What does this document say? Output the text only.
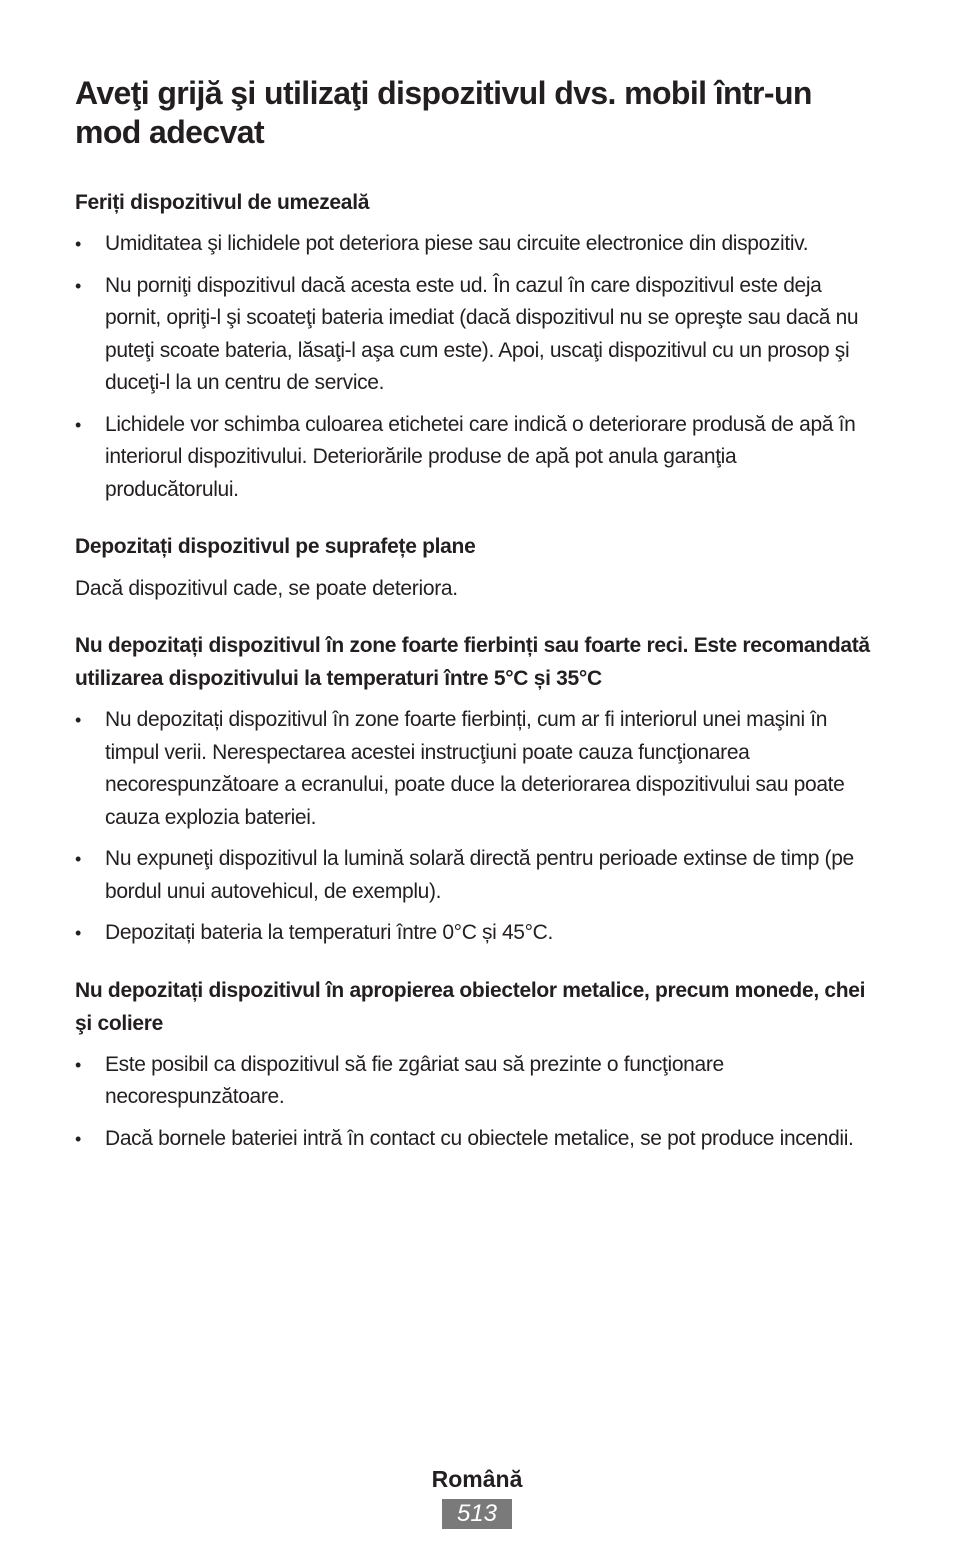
Aveţi grijă şi utilizaţi dispozitivul dvs. mobil într-un mod adecvat
Feriți dispozitivul de umezeală
• Umiditatea şi lichidele pot deteriora piese sau circuite electronice din dispozitiv.
• Nu porniţi dispozitivul dacă acesta este ud. În cazul în care dispozitivul este deja pornit, opriţi-l şi scoateţi bateria imediat (dacă dispozitivul nu se opreşte sau dacă nu puteţi scoate bateria, lăsaţi-l aşa cum este). Apoi, uscaţi dispozitivul cu un prosop şi duceţi-l la un centru de service.
• Lichidele vor schimba culoarea etichetei care indică o deteriorare produsă de apă în interiorul dispozitivului. Deteriorările produse de apă pot anula garanţia producătorului.
Depozitați dispozitivul pe suprafețe plane

Dacă dispozitivul cade, se poate deteriora.

Nu depozitați dispozitivul în zone foarte fierbinți sau foarte reci. Este recomandată utilizarea dispozitivului la temperaturi între 5°C și 35°C
• Nu depozitați dispozitivul în zone foarte fierbinți, cum ar fi interiorul unei maşini în timpul verii. Nerespectarea acestei instrucţiuni poate cauza funcţionarea necorespunzătoare a ecranului, poate duce la deteriorarea dispozitivului sau poate cauza explozia bateriei.
• Nu expuneţi dispozitivul la lumină solară directă pentru perioade extinse de timp (pe bordul unui autovehicul, de exemplu).
• Depozitați bateria la temperaturi între 0°C și 45°C.
Nu depozitați dispozitivul în apropierea obiectelor metalice, precum monede, chei şi coliere
• Este posibil ca dispozitivul să fie zgâriat sau să prezinte o funcţionare necorespunzătoare.
• Dacă bornele bateriei intră în contact cu obiectele metalice, se pot produce incendii.
Română
513
